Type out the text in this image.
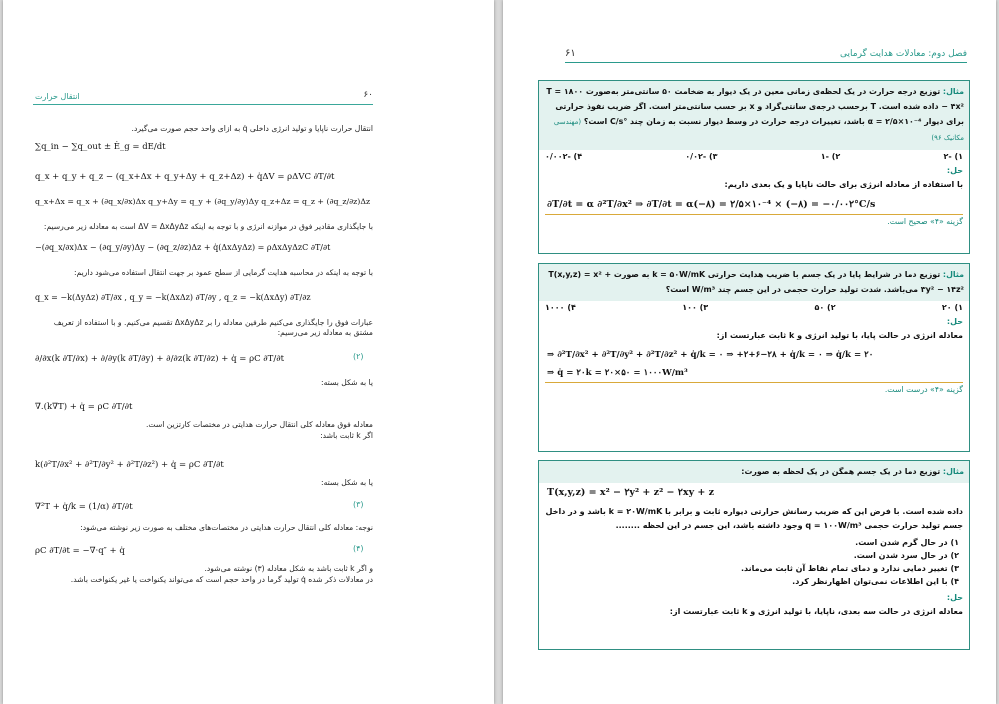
۶۰
انتقال حرارت
انتقال حرارت ناپایا و تولید انرژی داخلی q̇ به ازای واحد حجم صورت می‌گیرد.
∑q_in − ∑q_out ± Ė_g = dE/dt
q_x + q_y + q_z − (q_x+Δx + q_y+Δy + q_z+Δz) + q̇ΔV = ρΔVC ∂T/∂t
q_x+Δx = q_x + (∂q_x/∂x)Δx q_y+Δy = q_y + (∂q_y/∂y)Δy q_z+Δz = q_z + (∂q_z/∂z)Δz
با جایگذاری مقادیر فوق در موازنه انرژی و با توجه به اینکه ΔV = ΔxΔyΔz است به معادله زیر می‌رسیم:
−(∂q_x/∂x)Δx − (∂q_y/∂y)Δy − (∂q_z/∂z)Δz + q̇(ΔxΔyΔz) = ρΔxΔyΔzC ∂T/∂t
با توجه به اینکه در محاسبه هدایت گرمایی از سطح عمود بر جهت انتقال استفاده می‌شود داریم:
q_x = −k(ΔyΔz) ∂T/∂x , q_y = −k(ΔxΔz) ∂T/∂y , q_z = −k(ΔxΔy) ∂T/∂z
عبارات فوق را جایگذاری می‌کنیم طرفین معادله را بر ΔxΔyΔz تقسیم می‌کنیم. و با استفاده از تعریف مشتق به معادله زیر می‌رسیم:
∂/∂x(k ∂T/∂x) + ∂/∂y(k ∂T/∂y) + ∂/∂z(k ∂T/∂z) + q̇ = ρC ∂T/∂t	(۲)
یا به شکل بسته:
∇.(k∇T) + q̇ = ρC ∂T/∂t
معادله فوق معادله کلی انتقال حرارت هدایتی در مختصات کارتزین است.
اگر k ثابت باشد:
k(∂²T/∂x² + ∂²T/∂y² + ∂²T/∂z²) + q̇ = ρC ∂T/∂t
یا به شکل بسته:
∇²T + q̇/k = (1/α) ∂T/∂t	(۳)
نوجه: معادله کلی انتقال حرارت هدایتی در مختصات‌های مختلف به صورت زیر نوشته می‌شود:
ρC ∂T/∂t = −∇·q″ + q̇	(۴)
و اگر k ثابت باشد به شکل معادله (۳) نوشته می‌شود.
در معادلات ذکر شده q̇ تولید گرما در واحد حجم است که می‌تواند یکنواخت یا غیر یکنواخت باشد.
۶۱	فصل دوم: معادلات هدایت گرمایی
مثال: توزیع درجه حرارت در یک لحظه‌ی زمانی معین در یک دیوار به ضخامت ۵۰ سانتی‌متر به‌صورت T = ۱۸۰۰ − ۴x² داده شده است. T برحسب درجه‌ی سانتی‌گراد و x بر حسب سانتی‌متر است. اگر ضریب نفوذ حرارتی برای دیوار α = ۲/۵×۱۰⁻⁴ باشد، تغییرات درجه حرارت در وسط دیوار نسبت به زمان چند °C/s است؟ (مهندسی مکانیک ۹۶)
۱) -۲
۲) -۱
۳) -۰/۰۲
۴) -۰/۰۰۲
حل:
با استفاده از معادله انرژی برای حالت ناپایا و یک بعدی داریم:
∂T/∂t = α ∂²T/∂x² ⇒ ∂T/∂t = α(−۸) = ۲/۵×۱۰⁻⁴ × (−۸) = −۰/۰۰۲°C/s
گزینه «۴» صحیح است.
مثال: توزیع دما در شرایط پایا در یک جسم با ضریب هدایت حرارتی k = ۵۰W/mK به صورت T(x,y,z) = x² + ۳y² − ۱۴z² می‌باشد. شدت تولید حرارت حجمی در این جسم چند W/m³ است؟
۱) ۲۰
۲) ۵۰
۳) ۱۰۰
۴) ۱۰۰۰
حل:
معادله انرژی در حالت پایا، با تولید انرژی و k ثابت عبارتست از:
⇒ ∂²T/∂x² + ∂²T/∂y² + ∂²T/∂z² + q̇/k = ۰ ⇒ +۲+۶−۲۸ + q̇/k = ۰ ⇒ q̇/k = ۲۰
⇒ q̇ = ۲۰k = ۲۰×۵۰ = ۱۰۰۰W/m³
گزینه «۴» درست است.
مثال: توزیع دما در یک جسم همگن در یک لحظه به صورت:
T(x,y,z) = x² − ۲y² + z² − ۲xy + z
داده شده است. با فرض این که ضریب رسانش حرارتی دیواره ثابت و برابر با k = ۲۰W/mK باشد و در داخل جسم تولید حرارت حجمی q = ۱۰۰W/m³ وجود داشته باشد، این جسم در این لحظه ........
۱) در حال گرم شدن است.
۲) در حال سرد شدن است.
۳) تغییر دمایی ندارد و دمای تمام نقاط آن ثابت می‌ماند.
۴) با این اطلاعات نمی‌توان اظهارنظر کرد.
حل:
معادله انرژی در حالت سه بعدی، ناپایا، با تولید انرژی و k ثابت عبارتست از:
